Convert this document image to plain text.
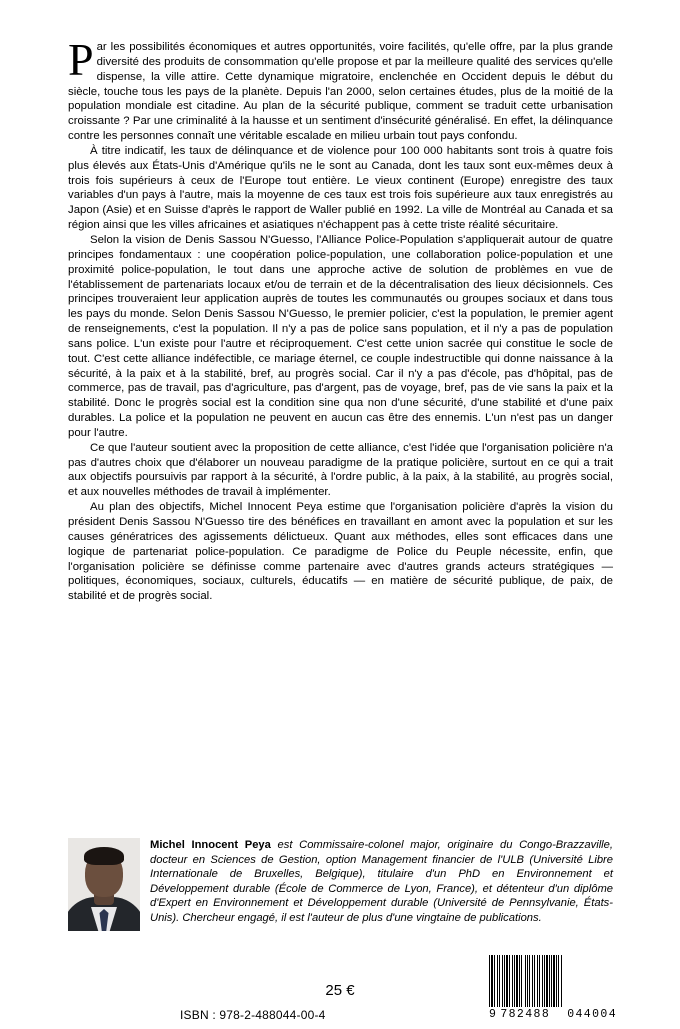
Par les possibilités économiques et autres opportunités, voire facilités, qu'elle offre, par la plus grande diversité des produits de consommation qu'elle propose et par la meilleure qualité des services qu'elle dispense, la ville attire. Cette dynamique migratoire, enclenchée en Occident depuis le début du siècle, touche tous les pays de la planète. Depuis l'an 2000, selon certaines études, plus de la moitié de la population mondiale est citadine. Au plan de la sécurité publique, comment se traduit cette urbanisation croissante ? Par une criminalité à la hausse et un sentiment d'insécurité généralisé. En effet, la délinquance contre les personnes connaît une véritable escalade en milieu urbain tout pays confondu.

À titre indicatif, les taux de délinquance et de violence pour 100 000 habitants sont trois à quatre fois plus élevés aux États-Unis d'Amérique qu'ils ne le sont au Canada, dont les taux sont eux-mêmes deux à trois fois supérieurs à ceux de l'Europe tout entière. Le vieux continent (Europe) enregistre des taux variables d'un pays à l'autre, mais la moyenne de ces taux est trois fois supérieure aux taux enregistrés au Japon (Asie) et en Suisse d'après le rapport de Waller publié en 1992. La ville de Montréal au Canada et sa région ainsi que les villes africaines et asiatiques n'échappent pas à cette triste réalité sécuritaire.

Selon la vision de Denis Sassou N'Guesso, l'Alliance Police-Population s'appliquerait autour de quatre principes fondamentaux : une coopération police-population, une collaboration police-population et une proximité police-population, le tout dans une approche active de solution de problèmes en vue de l'établissement de partenariats locaux et/ou de terrain et de la décentralisation des lieux décisionnels. Ces principes trouveraient leur application auprès de toutes les communautés ou groupes sociaux et dans tous les pays du monde. Selon Denis Sassou N'Guesso, le premier policier, c'est la population, le premier agent de renseignements, c'est la population. Il n'y a pas de police sans population, et il n'y a pas de population sans police. L'un existe pour l'autre et réciproquement. C'est cette union sacrée qui constitue le socle de tout. C'est cette alliance indéfectible, ce mariage éternel, ce couple indestructible qui donne naissance à la sécurité, à la paix et à la stabilité, bref, au progrès social. Car il n'y a pas d'école, pas d'hôpital, pas de commerce, pas de travail, pas d'agriculture, pas d'argent, pas de voyage, bref, pas de vie sans la paix et la stabilité. Donc le progrès social est la condition sine qua non d'une sécurité, d'une stabilité et d'une paix durables. La police et la population ne peuvent en aucun cas être des ennemis. L'un n'est pas un danger pour l'autre.

Ce que l'auteur soutient avec la proposition de cette alliance, c'est l'idée que l'organisation policière n'a pas d'autres choix que d'élaborer un nouveau paradigme de la pratique policière, surtout en ce qui a trait aux objectifs poursuivis par rapport à la sécurité, à l'ordre public, à la paix, à la stabilité, au progrès social, et aux nouvelles méthodes de travail à implémenter.

Au plan des objectifs, Michel Innocent Peya estime que l'organisation policière d'après la vision du président Denis Sassou N'Guesso tire des bénéfices en travaillant en amont avec la population et sur les causes génératrices des agissements délictueux. Quant aux méthodes, elles sont efficaces dans une logique de partenariat police-population. Ce paradigme de Police du Peuple nécessite, enfin, que l'organisation policière se définisse comme partenaire avec d'autres grands acteurs stratégiques — politiques, économiques, sociaux, culturels, éducatifs — en matière de sécurité publique, de paix, de stabilité et de progrès social.

Michel Innocent Peya est Commissaire-colonel major, originaire du Congo-Brazzaville, docteur en Sciences de Gestion, option Management financier de l'ULB (Université Libre Internationale de Bruxelles, Belgique), titulaire d'un PhD en Environnement et Développement durable (École de Commerce de Lyon, France), et détenteur d'un diplôme d'Expert en Environnement et Développement durable (Université de Pennsylvanie, États-Unis). Chercheur engagé, il est l'auteur de plus d'une vingtaine de publications.
25 €
ISBN : 978-2-488044-00-4	9 782488 044004
